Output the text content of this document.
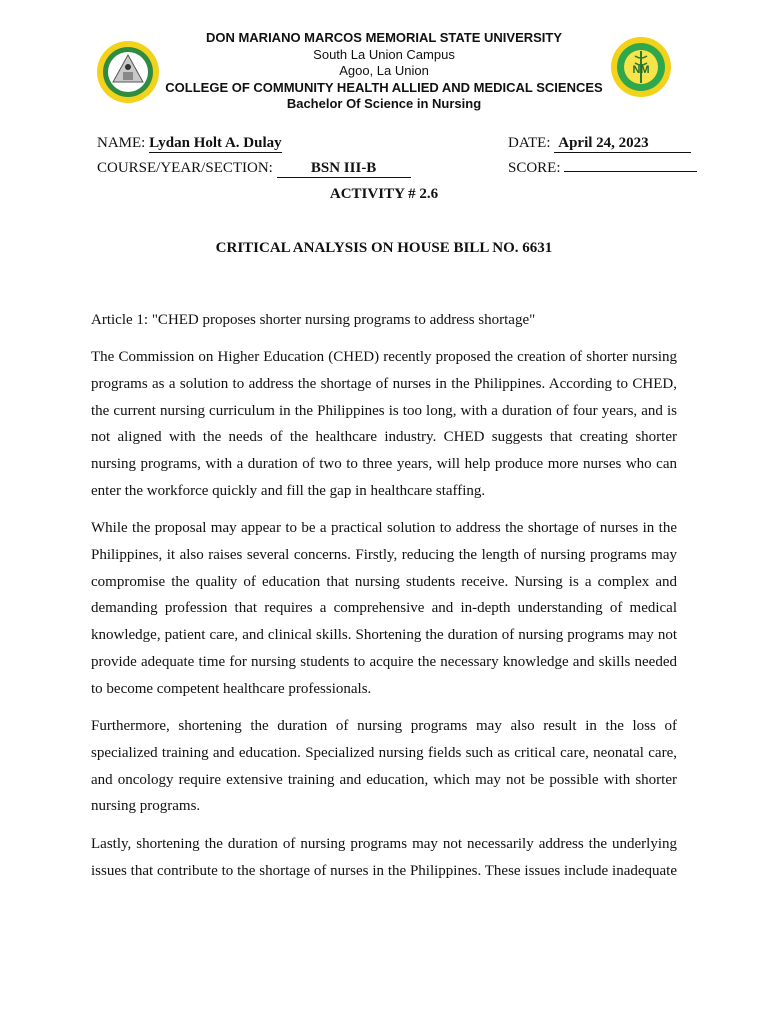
NM
DON MARIANO MARCOS MEMORIAL STATE UNIVERSITY
South La Union Campus
Agoo, La Union
COLLEGE OF COMMUNITY HEALTH ALLIED AND MEDICAL SCIENCES
Bachelor Of Science in Nursing
NAME: Lydan Holt A. Dulay	DATE: April 24, 2023
COURSE/YEAR/SECTION:	BSN III-B	SCORE:
ACTIVITY # 2.6
CRITICAL ANALYSIS ON HOUSE BILL NO. 6631
Article 1: "CHED proposes shorter nursing programs to address shortage"

The Commission on Higher Education (CHED) recently proposed the creation of shorter nursing programs as a solution to address the shortage of nurses in the Philippines. According to CHED, the current nursing curriculum in the Philippines is too long, with a duration of four years, and is not aligned with the needs of the healthcare industry. CHED suggests that creating shorter nursing programs, with a duration of two to three years, will help produce more nurses who can enter the workforce quickly and fill the gap in healthcare staffing.

While the proposal may appear to be a practical solution to address the shortage of nurses in the Philippines, it also raises several concerns. Firstly, reducing the length of nursing programs may compromise the quality of education that nursing students receive. Nursing is a complex and demanding profession that requires a comprehensive and in-depth understanding of medical knowledge, patient care, and clinical skills. Shortening the duration of nursing programs may not provide adequate time for nursing students to acquire the necessary knowledge and skills needed to become competent healthcare professionals.

Furthermore, shortening the duration of nursing programs may also result in the loss of specialized training and education. Specialized nursing fields such as critical care, neonatal care, and oncology require extensive training and education, which may not be possible with shorter nursing programs.

Lastly, shortening the duration of nursing programs may not necessarily address the underlying issues that contribute to the shortage of nurses in the Philippines. These issues include inadequate
